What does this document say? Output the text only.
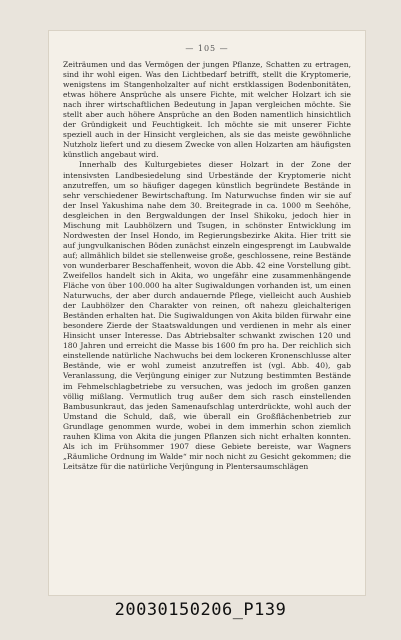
— 105 —

Zeiträumen und das Vermögen der jungen Pflanze, Schatten zu ertragen, sind ihr wohl eigen. Was den Lichtbedarf betrifft, stellt die Kryptomerie, wenigstens im Stangenholzalter auf nicht erstklassigen Bodenbonitäten, etwas höhere Ansprüche als unsere Fichte, mit welcher Holzart ich sie nach ihrer wirtschaftlichen Bedeutung in Japan vergleichen möchte. Sie stellt aber auch höhere Ansprüche an den Boden namentlich hinsichtlich der Gründigkeit und Feuchtigkeit. Ich möchte sie mit unserer Fichte speziell auch in der Hinsicht vergleichen, als sie das meiste gewöhnliche Nutzholz liefert und zu diesem Zwecke von allen Holzarten am häufigsten künstlich angebaut wird.

Innerhalb des Kulturgebietes dieser Holzart in der Zone der intensivsten Landbesiedelung sind Urbestände der Kryptomerie nicht anzutreffen, um so häufiger dagegen künstlich begründete Bestände in sehr verschiedener Bewirtschaftung. Im Naturwuchse finden wir sie auf der Insel Yakushima nahe dem 30. Breitegrade in ca. 1000 m Seehöhe, desgleichen in den Bergwaldungen der Insel Shikoku, jedoch hier in Mischung mit Laubhölzern und Tsugen, in schönster Entwicklung im Nordwesten der Insel Hondo, im Regierungsbezirke Akita. Hier tritt sie auf jungvulkanischen Böden zunächst einzeln eingesprengt im Laubwalde auf; allmählich bildet sie stellenweise große, geschlossene, reine Bestände von wunderbarer Beschaffenheit, wovon die Abb. 42 eine Vorstellung gibt. Zweifellos handelt sich in Akita, wo ungefähr eine zusammenhängende Fläche von über 100.000 ha alter Sugiwaldungen vorhanden ist, um einen Naturwuchs, der aber durch andauernde Pflege, vielleicht auch Aushieb der Laubhölzer den Charakter von reinen, oft nahezu gleichalterigen Beständen erhalten hat. Die Sugiwaldungen von Akita bilden fürwahr eine besondere Zierde der Staatswaldungen und verdienen in mehr als einer Hinsicht unser Interesse. Das Abtriebsalter schwankt zwischen 120 und 180 Jahren und erreicht die Masse bis 1600 fm pro ha. Der reichlich sich einstellende natürliche Nachwuchs bei dem lockeren Kronenschlusse alter Bestände, wie er wohl zumeist anzutreffen ist (vgl. Abb. 40), gab Veranlassung, die Verjüngung einiger zur Nutzung bestimmten Bestände im Fehmelschlagbetriebe zu versuchen, was jedoch im großen ganzen völlig mißlang. Vermutlich trug außer dem sich rasch einstellenden Bambusunkraut, das jeden Samenaufschlag unterdrückte, wohl auch der Umstand die Schuld, daß, wie überall ein Großflächenbetrieb zur Grundlage genommen wurde, wobei in dem immerhin schon ziemlich rauhen Klima von Akita die jungen Pflanzen sich nicht erhalten konnten. Als ich im Frühsommer 1907 diese Gebiete bereiste, war Wagners „Räumliche Ordnung im Walde“ mir noch nicht zu Gesicht gekommen; die Leitsätze für die natürliche Verjüngung in Plentersaumschlägen

20030150206_P139
